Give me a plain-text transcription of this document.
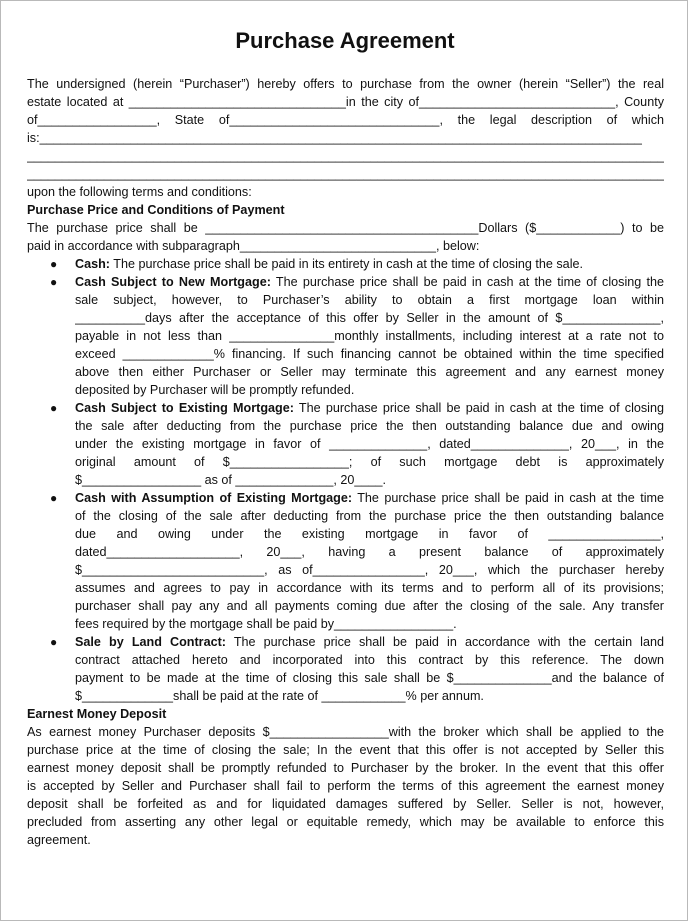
Purchase Agreement
The undersigned (herein “Purchaser”) hereby offers to purchase from the owner (herein “Seller”) the real
estate located at _______________________________in the city of____________________________, County
of_________________, State of______________________________, the legal description of which
is:______________________________________________________________________________________
___________________________________________________________________________________________
___________________________________________________________________________________________
upon the following terms and conditions:
Purchase Price and Conditions of Payment
The purchase price shall be _______________________________________Dollars ($____________) to be
paid in accordance with subparagraph____________________________, below:
● Cash: The purchase price shall be paid in its entirety in cash at the time of closing the sale.
● Cash Subject to New Mortgage: The purchase price shall be paid in cash at the time of closing the
sale subject, however, to Purchaser’s ability to obtain a first mortgage loan within
__________days after the acceptance of this offer by Seller in the amount of $______________,
payable in not less than _______________monthly installments, including interest at a rate not to
exceed _____________% financing. If such financing cannot be obtained within the time specified
above then either Purchaser or Seller may terminate this agreement and any earnest money
deposited by Purchaser will be promptly refunded.
● Cash Subject to Existing Mortgage: The purchase price shall be paid in cash at the time of closing
the sale after deducting from the purchase price the then outstanding balance due and owing
under the existing mortgage in favor of ______________, dated______________, 20___, in the
original amount of $_________________; of such mortgage debt is approximately
$_________________ as of ______________, 20____.
● Cash with Assumption of Existing Mortgage: The purchase price shall be paid in cash at the time
of the closing of the sale after deducting from the purchase price the then outstanding balance
due and owing under the existing mortgage in favor of ________________,
dated___________________, 20___, having a present balance of approximately
$__________________________, as of________________, 20___, which the purchaser hereby
assumes and agrees to pay in accordance with its terms and to perform all of its provisions;
purchaser shall pay any and all payments coming due after the closing of the sale. Any transfer
fees required by the mortgage shall be paid by_________________.
● Sale by Land Contract: The purchase price shall be paid in accordance with the certain land
contract attached hereto and incorporated into this contract by this reference. The down
payment to be made at the time of closing this sale shall be $______________and the balance of
$_____________shall be paid at the rate of ____________% per annum.
Earnest Money Deposit
As earnest money Purchaser deposits $_________________with the broker which shall be applied to the
purchase price at the time of closing the sale; In the event that this offer is not accepted by Seller this
earnest money deposit shall be promptly refunded to Purchaser by the broker. In the event that this offer
is accepted by Seller and Purchaser shall fail to perform the terms of this agreement the earnest money
deposit shall be forfeited as and for liquidated damages suffered by Seller. Seller is not, however,
precluded from asserting any other legal or equitable remedy, which may be available to enforce this
agreement.
